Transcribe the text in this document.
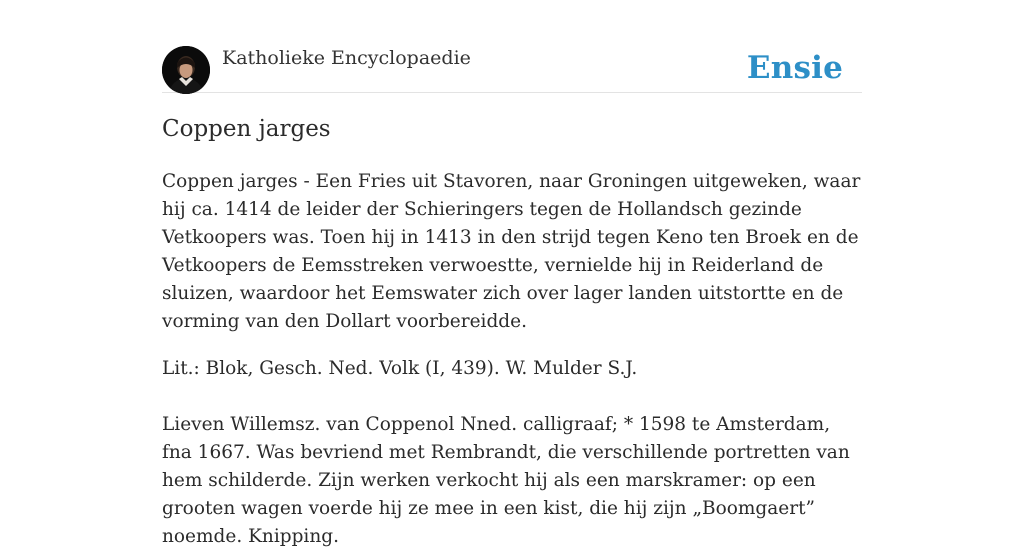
Katholieke Encyclopaedie	Ensie
Coppen jarges

Coppen jarges - Een Fries uit Stavoren, naar Groningen uitgeweken, waar hij ca. 1414 de leider der Schieringers tegen de Hollandsch gezinde Vetkoopers was. Toen hij in 1413 in den strijd tegen Keno ten Broek en de Vetkoopers de Eemsstreken verwoestte, vernielde hij in Reiderland de sluizen, waardoor het Eemswater zich over lager landen uitstortte en de vorming van den Dollart voorbereidde.

Lit.: Blok, Gesch. Ned. Volk (I, 439). W. Mulder S.J.

Lieven Willemsz. van Coppenol Nned. calligraaf; * 1598 te Amsterdam, fna 1667. Was bevriend met Rembrandt, die verschillende portretten van hem schilderde. Zijn werken verkocht hij als een marskramer: op een grooten wagen voerde hij ze mee in een kist, die hij zijn „Boomgaert” noemde. Knipping.
